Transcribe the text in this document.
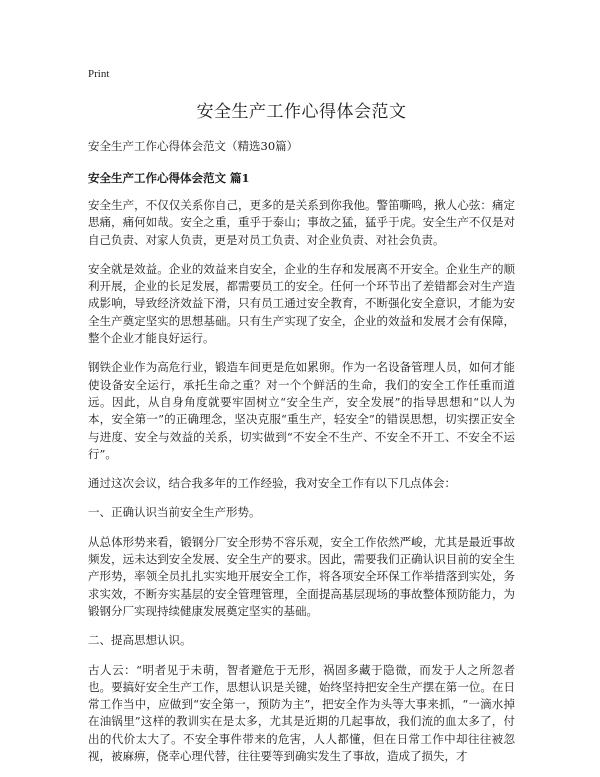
Print
安全生产工作心得体会范文
安全生产工作心得体会范文（精选30篇）
安全生产工作心得体会范文 篇1

安全生产，不仅仅关系你自己，更多的是关系到你我他。警笛嘶鸣，揪人心弦：痛定思痛，痛何如哉。安全之重，重乎于泰山；事故之猛，猛乎于虎。安全生产不仅是对自己负责、对家人负责，更是对员工负责、对企业负责、对社会负责。

安全就是效益。企业的效益来自安全，企业的生存和发展离不开安全。企业生产的顺利开展，企业的长足发展，都需要员工的安全。任何一个环节出了差错都会对生产造成影响，导致经济效益下滑，只有员工通过安全教育，不断强化安全意识，才能为安全生产奠定坚实的思想基础。只有生产实现了安全，企业的效益和发展才会有保障，整个企业才能良好运行。

钢铁企业作为高危行业，锻造车间更是危如累卵。作为一名设备管理人员，如何才能使设备安全运行，承托生命之重？对一个个鲜活的生命，我们的安全工作任重而道远。因此，从自身角度就要牢固树立“安全生产，安全发展”的指导思想和“以人为本，安全第一”的正确理念，坚决克服“重生产，轻安全”的错误思想，切实摆正安全与进度、安全与效益的关系，切实做到“不安全不生产、不安全不开工、不安全不运行”。

通过这次会议，结合我多年的工作经验，我对安全工作有以下几点体会：

一、正确认识当前安全生产形势。

从总体形势来看，锻钢分厂安全形势不容乐观，安全工作依然严峻，尤其是最近事故频发，远未达到安全发展、安全生产的要求。因此，需要我们正确认识目前的安全生产形势，率领全员扎扎实实地开展安全工作，将各项安全环保工作举措落到实处，务求实效，不断夯实基层的安全管理管理，全面提高基层现场的事故整体预防能力，为锻钢分厂实现持续健康发展奠定坚实的基础。

二、提高思想认识。

古人云：“明者见于未萌，智者避危于无形，祸固多藏于隐微，而发于人之所忽者也。要搞好安全生产工作，思想认识是关键，始终坚持把安全生产摆在第一位。在日常工作当中，应做到“安全第一，预防为主”，把安全作为头等大事来抓，“一滴水掉在油锅里”这样的教训实在是太多，尤其是近期的几起事故，我们流的血太多了，付出的代价太大了。不安全事件带来的危害，人人都懂，但在日常工作中却往往被忽视，被麻痹，侥幸心理代替，往往要等到确实发生了事故，造成了损失，才
